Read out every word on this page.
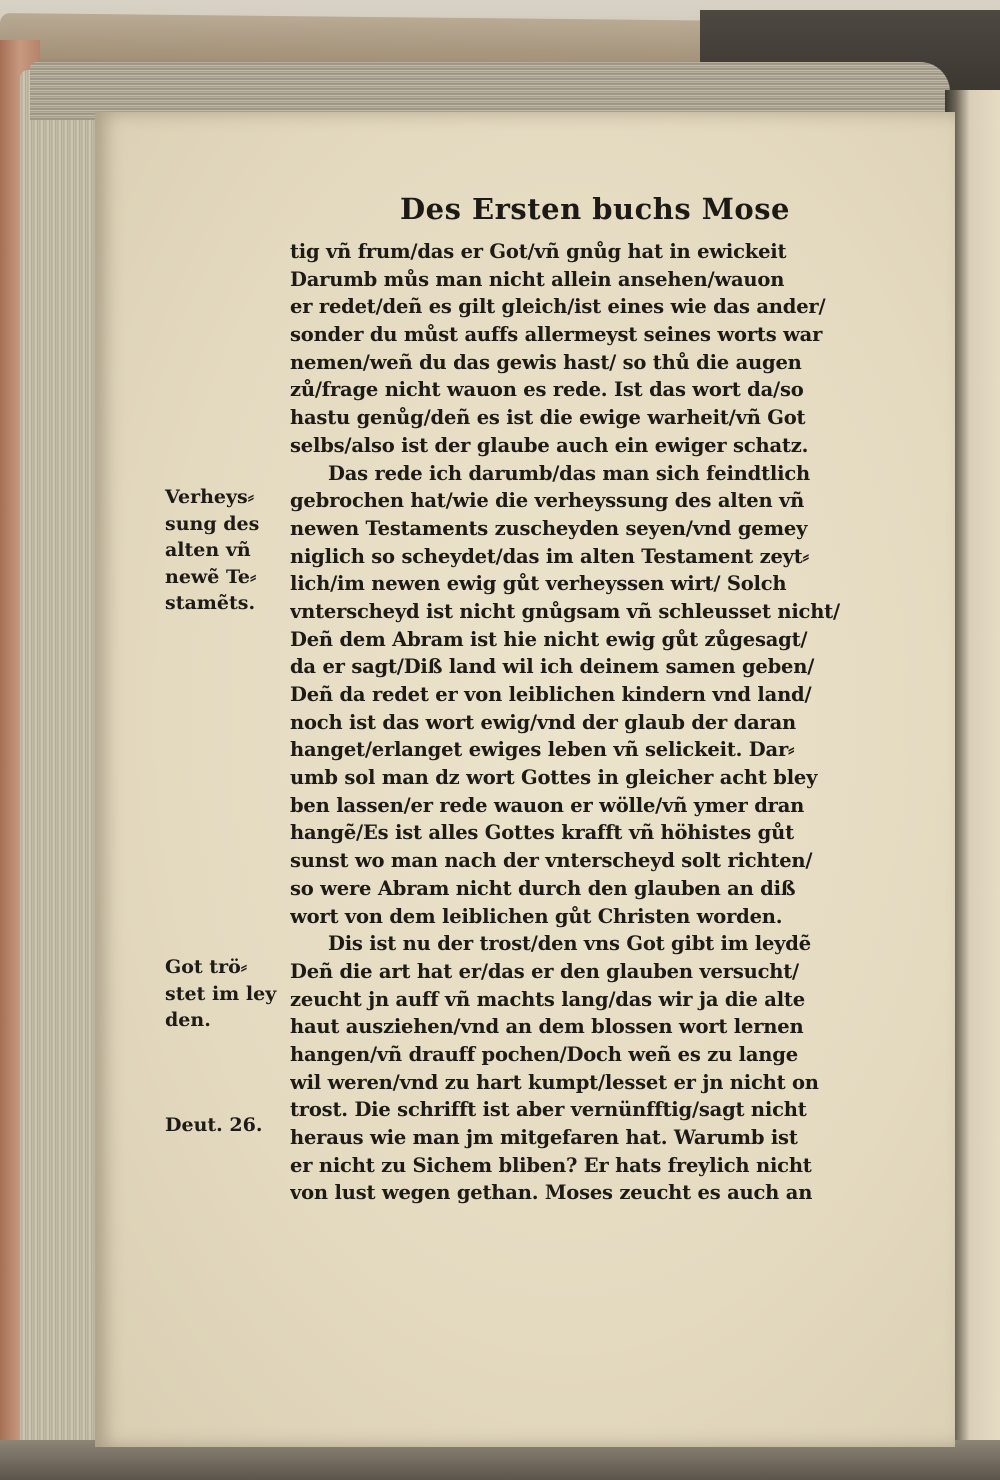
Des Ersten buchs Mose
tig vñ frum/das er Got/vñ gnůg hat in ewickeit
Darumb můs man nicht allein ansehen/wauon
er redet/deñ es gilt gleich/ist eines wie das ander/
sonder du můst auffs allermeyst seines worts war
nemen/weñ du das gewis hast/ so thů die augen
zů/frage nicht wauon es rede. Ist das wort da/so
hastu genůg/deñ es ist die ewige warheit/vñ Got
selbs/also ist der glaube auch ein ewiger schatz.
Das rede ich darumb/das man sich feindtlich
gebrochen hat/wie die verheyssung des alten vñ
newen Testaments zuscheyden seyen/vnd gemey
niglich so scheydet/das im alten Testament zeyt⸗
lich/im newen ewig gůt verheyssen wirt/ Solch
vnterscheyd ist nicht gnůgsam vñ schleusset nicht/
Deñ dem Abram ist hie nicht ewig gůt zůgesagt/
da er sagt/Diß land wil ich deinem samen geben/
Deñ da redet er von leiblichen kindern vnd land/
noch ist das wort ewig/vnd der glaub der daran
hanget/erlanget ewiges leben vñ selickeit. Dar⸗
umb sol man dz wort Gottes in gleicher acht bley
ben lassen/er rede wauon er wölle/vñ ymer dran
hangẽ/Es ist alles Gottes krafft vñ höhistes gůt
sunst wo man nach der vnterscheyd solt richten/
so were Abram nicht durch den glauben an diß
wort von dem leiblichen gůt Christen worden.
Dis ist nu der trost/den vns Got gibt im leydẽ
Deñ die art hat er/das er den glauben versucht/
zeucht jn auff vñ machts lang/das wir ja die alte
haut ausziehen/vnd an dem blossen wort lernen
hangen/vñ drauff pochen/Doch weñ es zu lange
wil weren/vnd zu hart kumpt/lesset er jn nicht on
trost. Die schrifft ist aber vernünfftig/sagt nicht
heraus wie man jm mitgefaren hat. Warumb ist
er nicht zu Sichem bliben? Er hats freylich nicht
von lust wegen gethan. Moses zeucht es auch an
Verheys⸗
sung des
alten vñ
newẽ Te⸗
stamẽts.
Got trö⸗
stet im ley
den.
Deut. 26.
